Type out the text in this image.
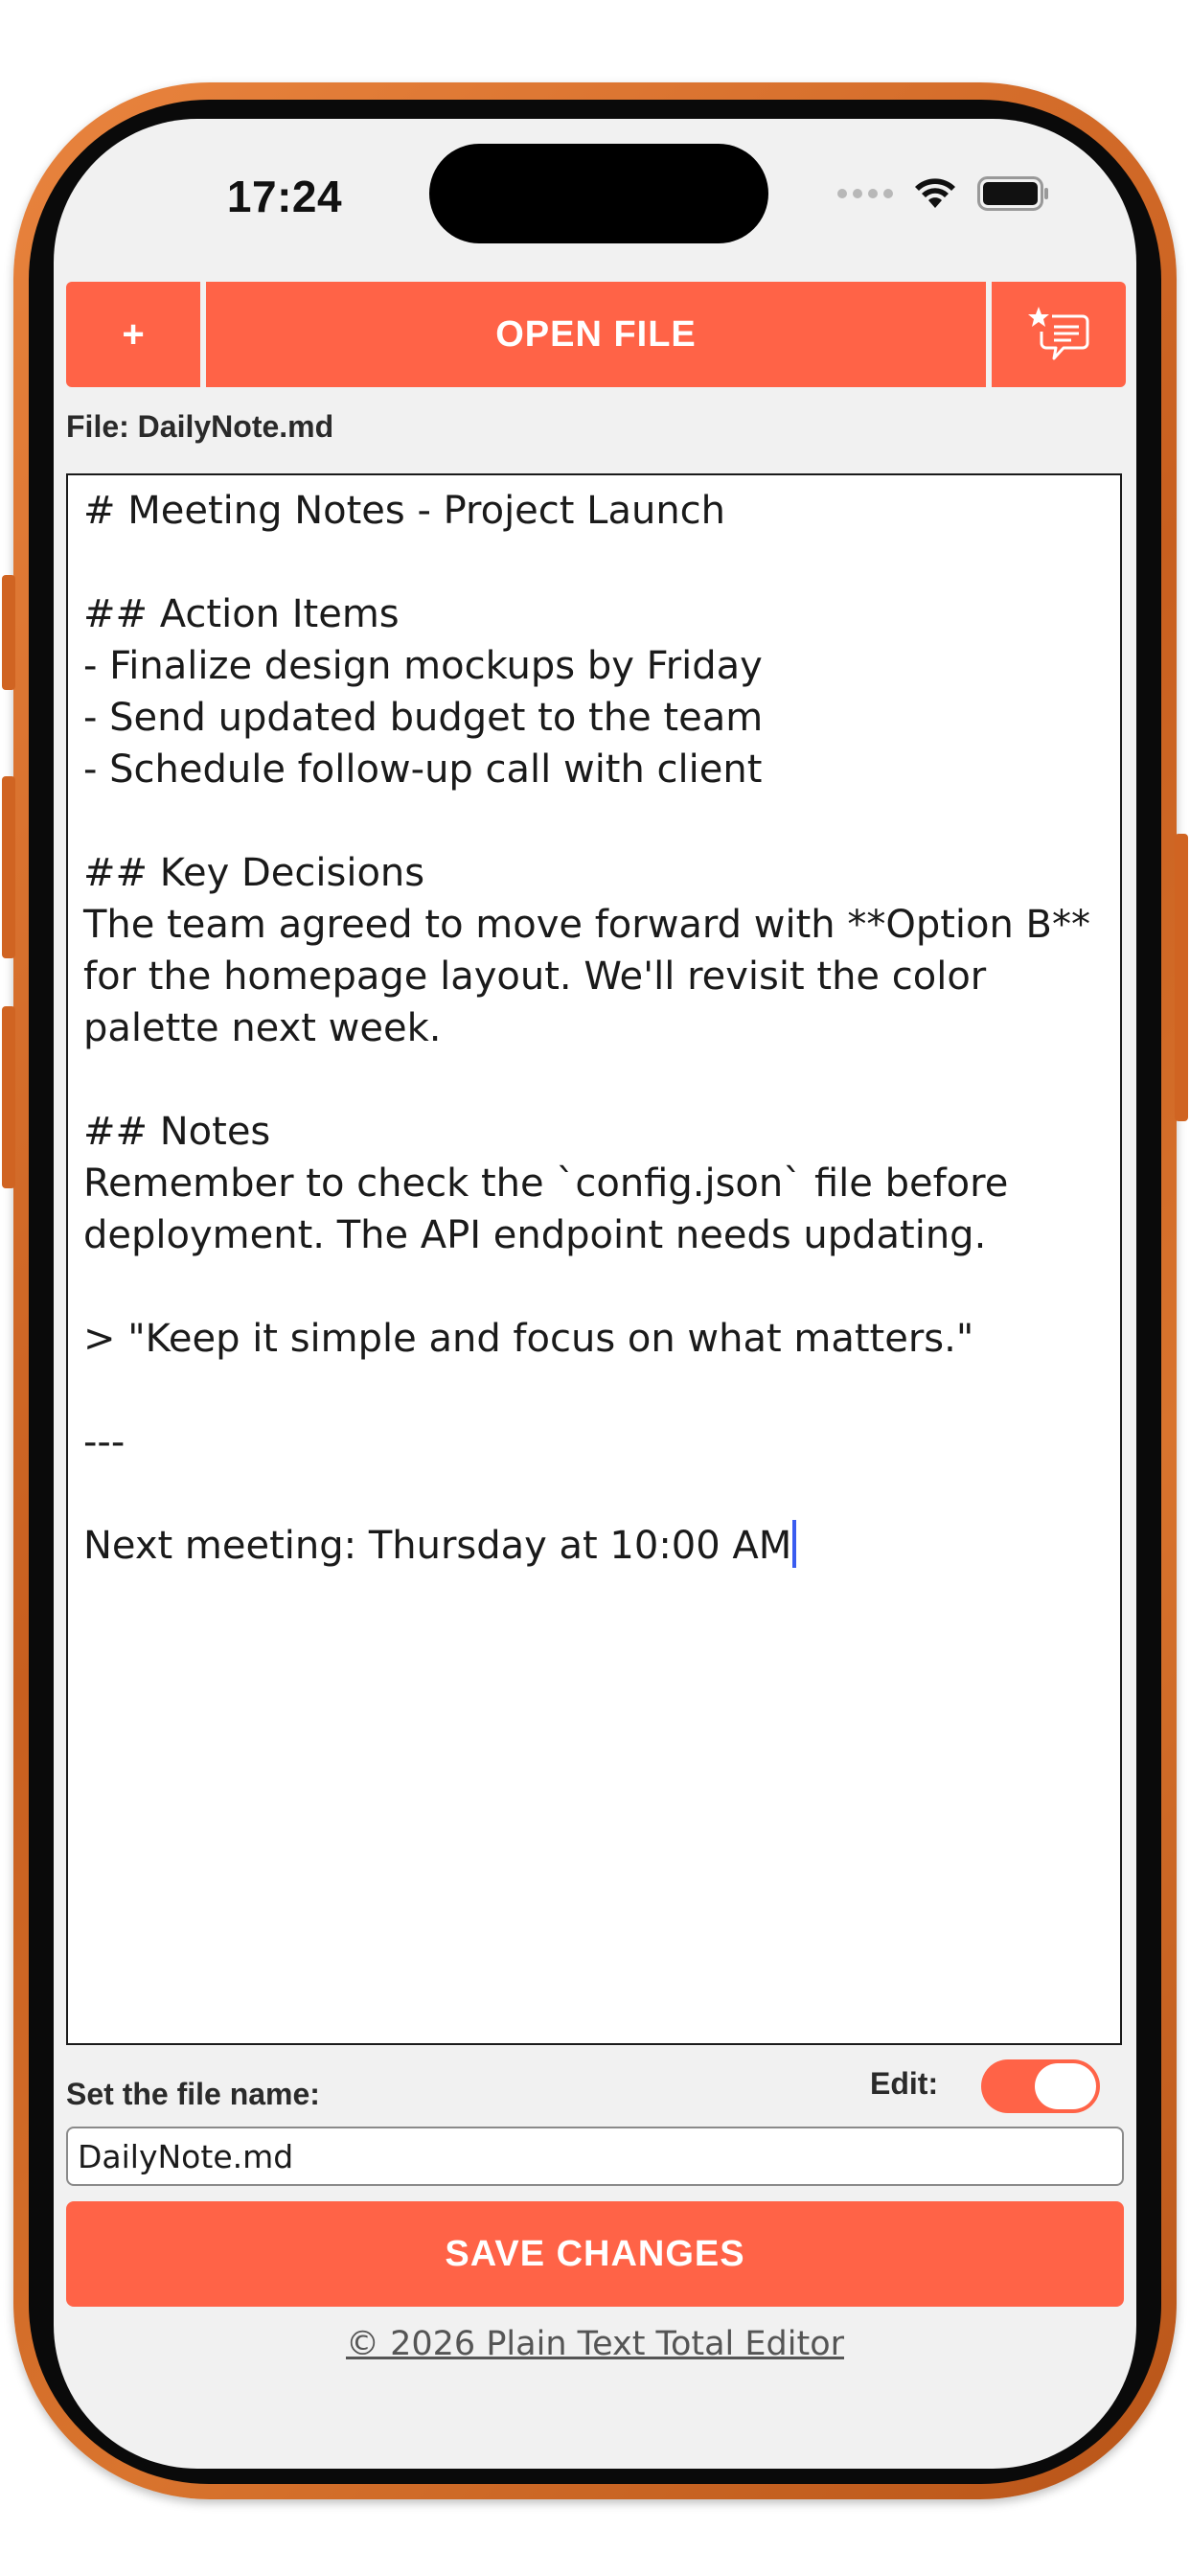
17:24
+	OPEN FILE
File: DailyNote.md
# Meeting Notes - Project Launch
## Action Items
- Finalize design mockups by Friday
- Send updated budget to the team
- Schedule follow-up call with client
## Key Decisions
The team agreed to move forward with **Option B**
for the homepage layout. We'll revisit the color
palette next week.
## Notes
Remember to check the `config.json` file before
deployment. The API endpoint needs updating.
> "Keep it simple and focus on what matters."
---
Next meeting: Thursday at 10:00 AM
Set the file name:	Edit:
DailyNote.md
SAVE CHANGES
© 2026 Plain Text Total Editor
